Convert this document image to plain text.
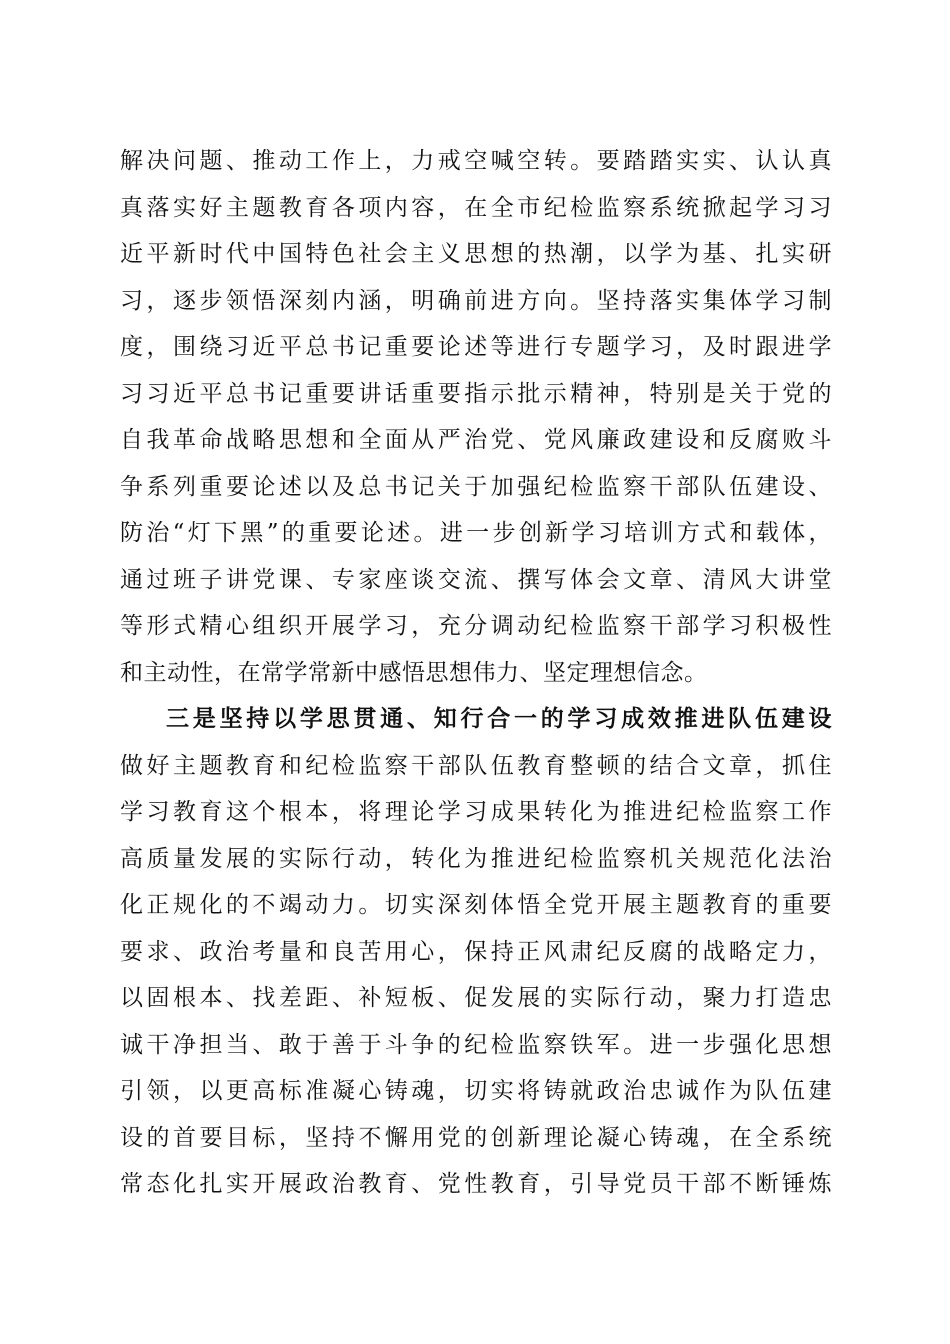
解决问题、推动工作上，力戒空喊空转。要踏踏实实、认认真
真落实好主题教育各项内容，在全市纪检监察系统掀起学习习
近平新时代中国特色社会主义思想的热潮，以学为基、扎实研
习，逐步领悟深刻内涵，明确前进方向。坚持落实集体学习制
度，围绕习近平总书记重要论述等进行专题学习，及时跟进学
习习近平总书记重要讲话重要指示批示精神，特别是关于党的
自我革命战略思想和全面从严治党、党风廉政建设和反腐败斗
争系列重要论述以及总书记关于加强纪检监察干部队伍建设、
防治“灯下黑”的重要论述。进一步创新学习培训方式和载体，
通过班子讲党课、专家座谈交流、撰写体会文章、清风大讲堂
等形式精心组织开展学习，充分调动纪检监察干部学习积极性
和主动性，在常学常新中感悟思想伟力、坚定理想信念。
三是坚持以学思贯通、知行合一的学习成效推进队伍建设
做好主题教育和纪检监察干部队伍教育整顿的结合文章，抓住
学习教育这个根本，将理论学习成果转化为推进纪检监察工作
高质量发展的实际行动，转化为推进纪检监察机关规范化法治
化正规化的不竭动力。切实深刻体悟全党开展主题教育的重要
要求、政治考量和良苦用心，保持正风肃纪反腐的战略定力，
以固根本、找差距、补短板、促发展的实际行动，聚力打造忠
诚干净担当、敢于善于斗争的纪检监察铁军。进一步强化思想
引领，以更高标准凝心铸魂，切实将铸就政治忠诚作为队伍建
设的首要目标，坚持不懈用党的创新理论凝心铸魂，在全系统
常态化扎实开展政治教育、党性教育，引导党员干部不断锤炼
